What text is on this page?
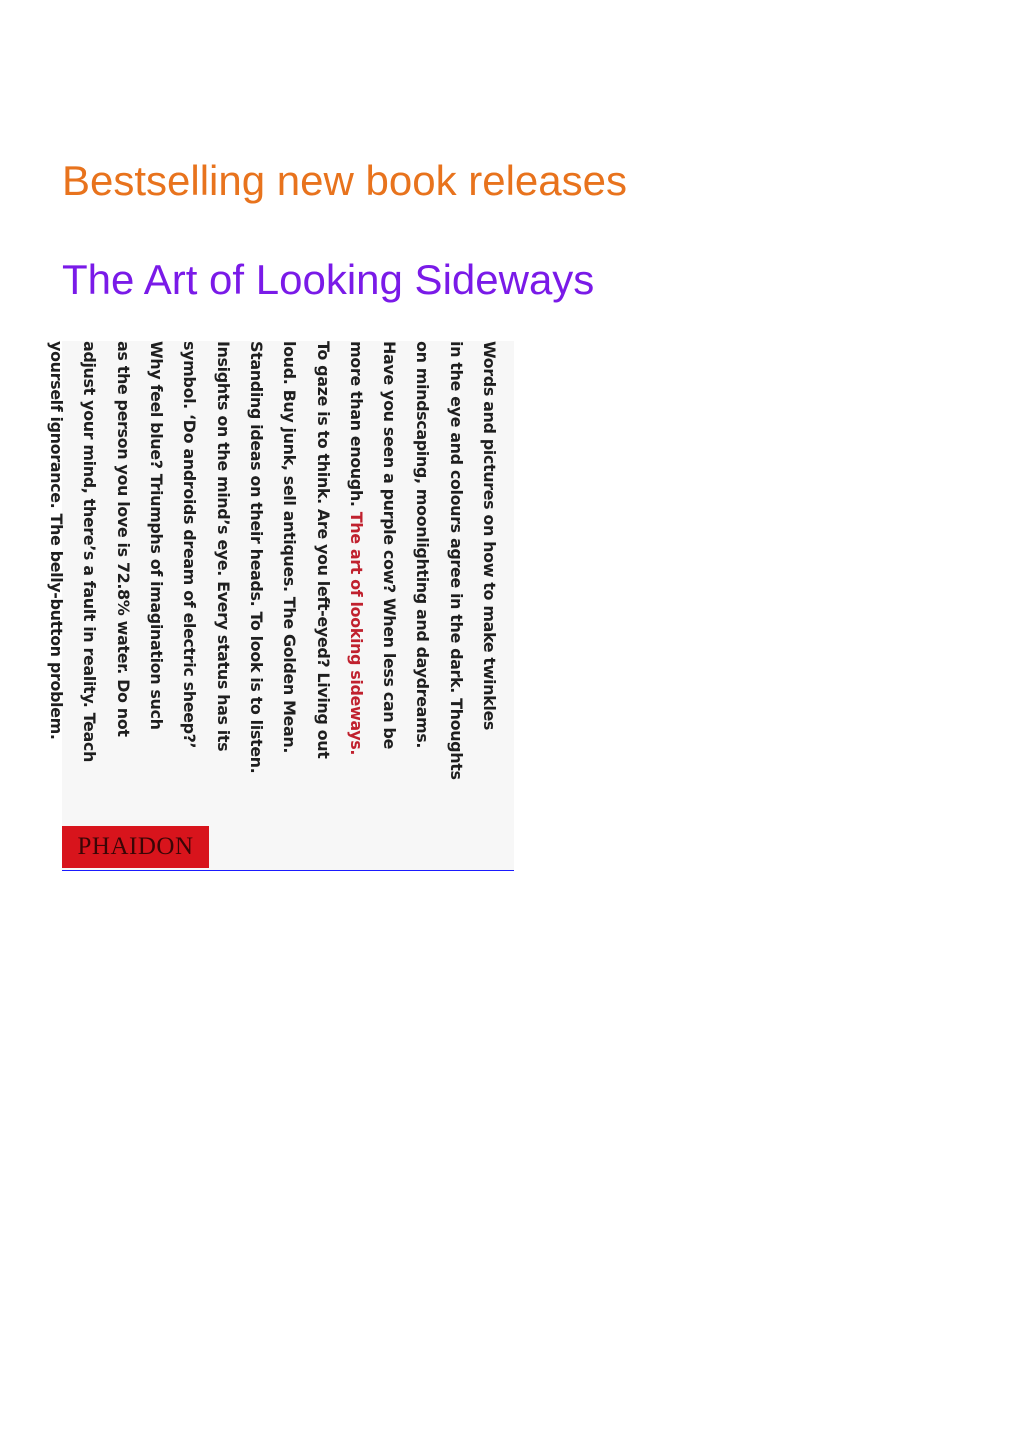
Bestselling new book releases
The Art of Looking Sideways
Words and pictures on how to make twinkles
in the eye and colours agree in the dark. Thoughts
on mindscaping, moonlighting and daydreams.
Have you seen a purple cow? When less can be
more than enough. The art of looking sideways.
To gaze is to think. Are you left-eyed? Living out
loud. Buy junk, sell antiques. The Golden Mean.
Standing ideas on their heads. To look is to listen.
Insights on the mind’s eye. Every status has its
symbol. ‘Do androids dream of electric sheep?’
Why feel blue? Triumphs of imagination such
as the person you love is 72.8% water. Do not
adjust your mind, there’s a fault in reality. Teach
yourself ignorance. The belly-button problem.
PHAIDON
